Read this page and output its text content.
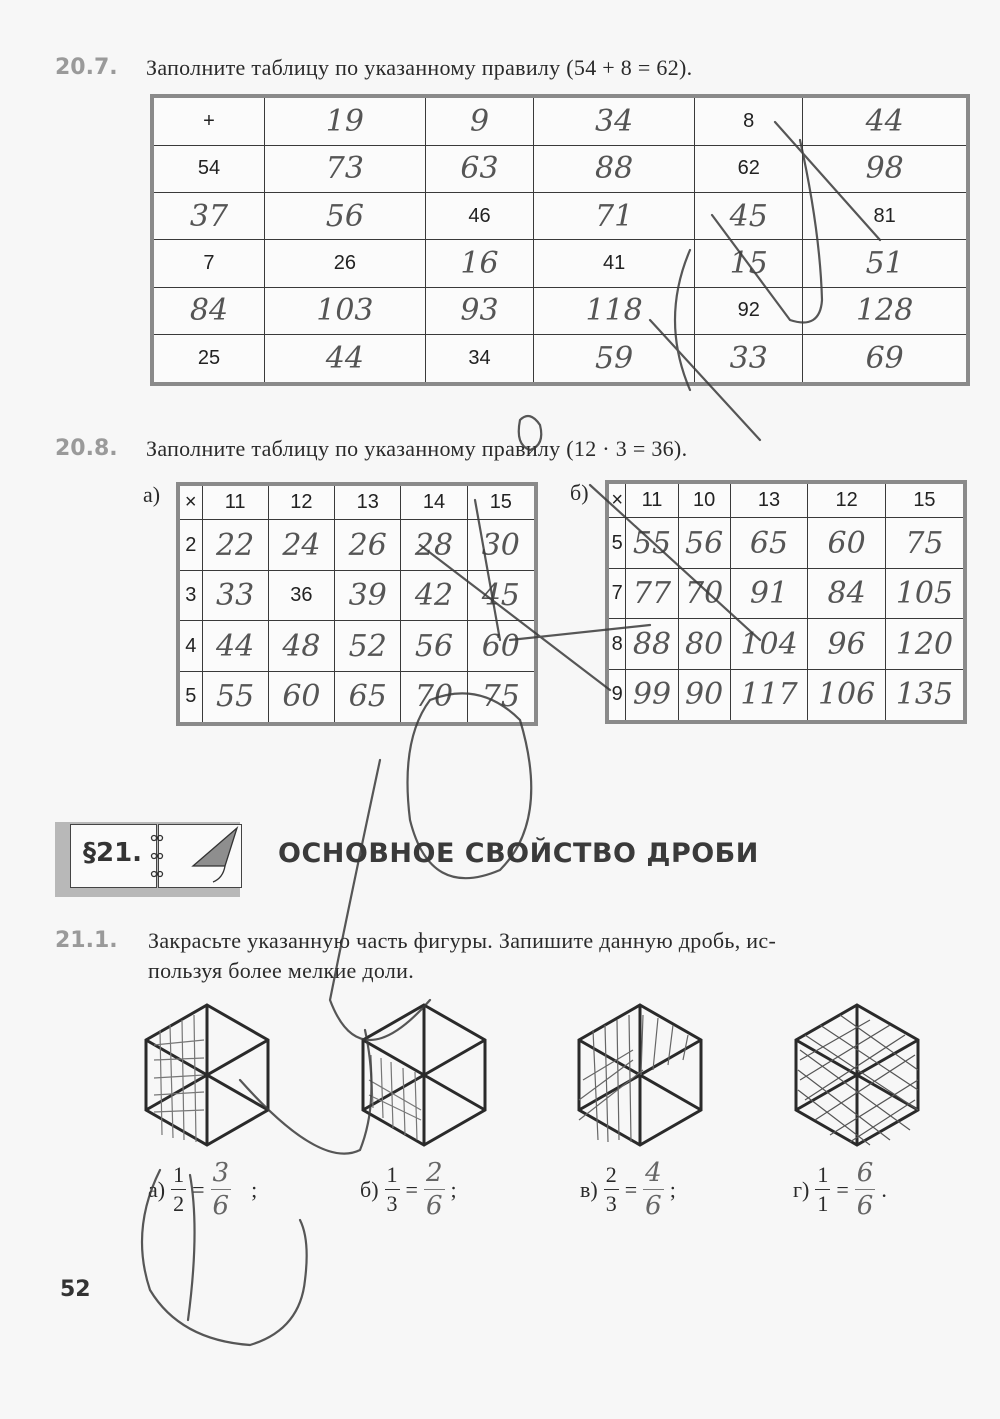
20.7. Заполните таблицу по указанному правилу (54 + 8 = 62).
+	19	9	34	8	44
54	73	63	88	62	98
37	56	46	71	45	81
7	26	16	41	15	51
84	103	93	118	92	128
25	44	34	59	33	69
20.8. Заполните таблицу по указанному правилу (12 · 3 = 36).
а) ×	11	12	13	14	15
2	22	24	26	28	30
3	33	36	39	42	45
4	44	48	52	56	60
5	55	60	65	70	75
б) ×	11	10	13	12	15
5	55	56	65	60	75
7	77	70	91	84	105
8	88	80	104	96	120
9	99	90	117	106	135
§21.	ОСНОВНОЕ СВОЙСТВО ДРОБИ
21.1. Закрасьте указанную часть фигуры. Запишите данную дробь, ис-
пользуя более мелкие доли.
$а) \frac{1}{2} = \frac{3}{6}$ ;	$б) \frac{1}{3} = \frac{2}{6}$ ;	$в) \frac{2}{3} = \frac{4}{6}$ ;	$г) \frac{1}{1} = \frac{6}{6}$ .
52
